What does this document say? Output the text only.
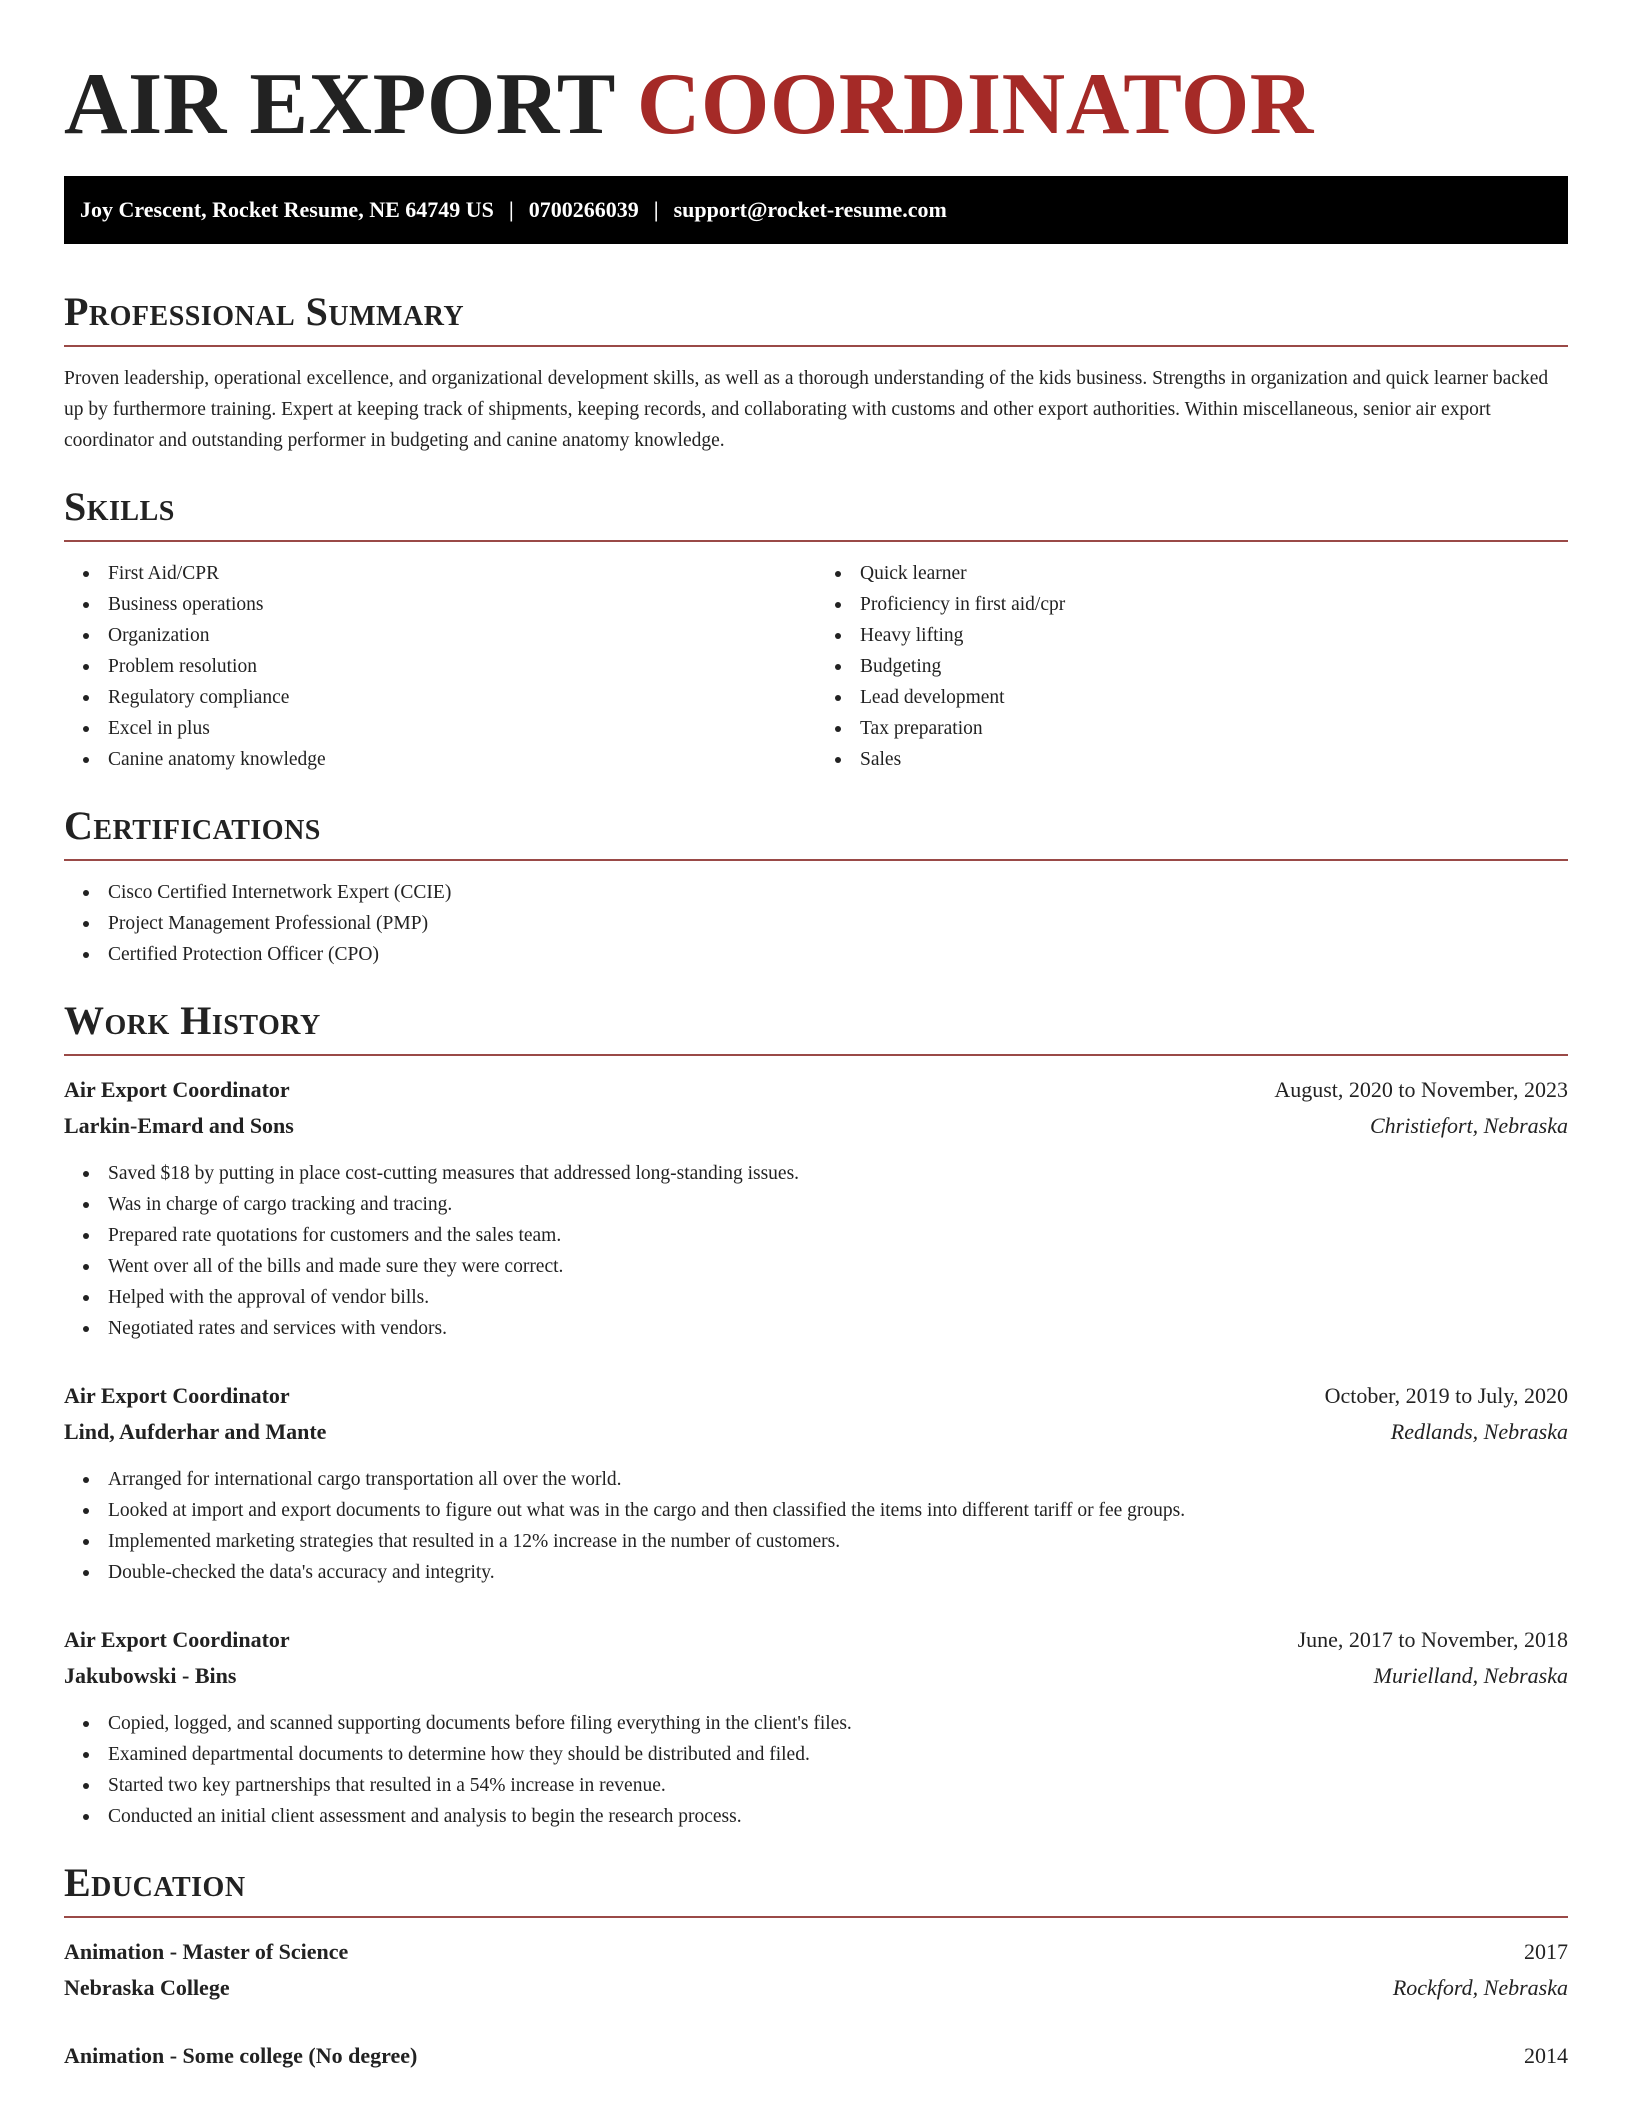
AIR EXPORT COORDINATOR
Joy Crescent, Rocket Resume, NE 64749 US | 0700266039 | support@rocket-resume.com
Professional Summary

Proven leadership, operational excellence, and organizational development skills, as well as a thorough understanding of the kids business. Strengths in organization and quick learner backed up by furthermore training. Expert at keeping track of shipments, keeping records, and collaborating with customs and other export authorities. Within miscellaneous, senior air export coordinator and outstanding performer in budgeting and canine anatomy knowledge.

Skills
First Aid/CPR
Business operations
Organization
Problem resolution
Regulatory compliance
Excel in plus
Canine anatomy knowledge
Quick learner
Proficiency in first aid/cpr
Heavy lifting
Budgeting
Lead development
Tax preparation
Sales
Certifications
Cisco Certified Internetwork Expert (CCIE)
Project Management Professional (PMP)
Certified Protection Officer (CPO)
Work History
Air Export Coordinator	August, 2020 to November, 2023
Larkin-Emard and Sons	Christiefort, Nebraska
Saved $18 by putting in place cost-cutting measures that addressed long-standing issues.
Was in charge of cargo tracking and tracing.
Prepared rate quotations for customers and the sales team.
Went over all of the bills and made sure they were correct.
Helped with the approval of vendor bills.
Negotiated rates and services with vendors.
Air Export Coordinator	October, 2019 to July, 2020
Lind, Aufderhar and Mante	Redlands, Nebraska
Arranged for international cargo transportation all over the world.
Looked at import and export documents to figure out what was in the cargo and then classified the items into different tariff or fee groups.
Implemented marketing strategies that resulted in a 12% increase in the number of customers.
Double-checked the data's accuracy and integrity.
Air Export Coordinator	June, 2017 to November, 2018
Jakubowski - Bins	Murielland, Nebraska
Copied, logged, and scanned supporting documents before filing everything in the client's files.
Examined departmental documents to determine how they should be distributed and filed.
Started two key partnerships that resulted in a 54% increase in revenue.
Conducted an initial client assessment and analysis to begin the research process.
Education
Animation - Master of Science	2017
Nebraska College	Rockford, Nebraska
Animation - Some college (No degree)	2014
